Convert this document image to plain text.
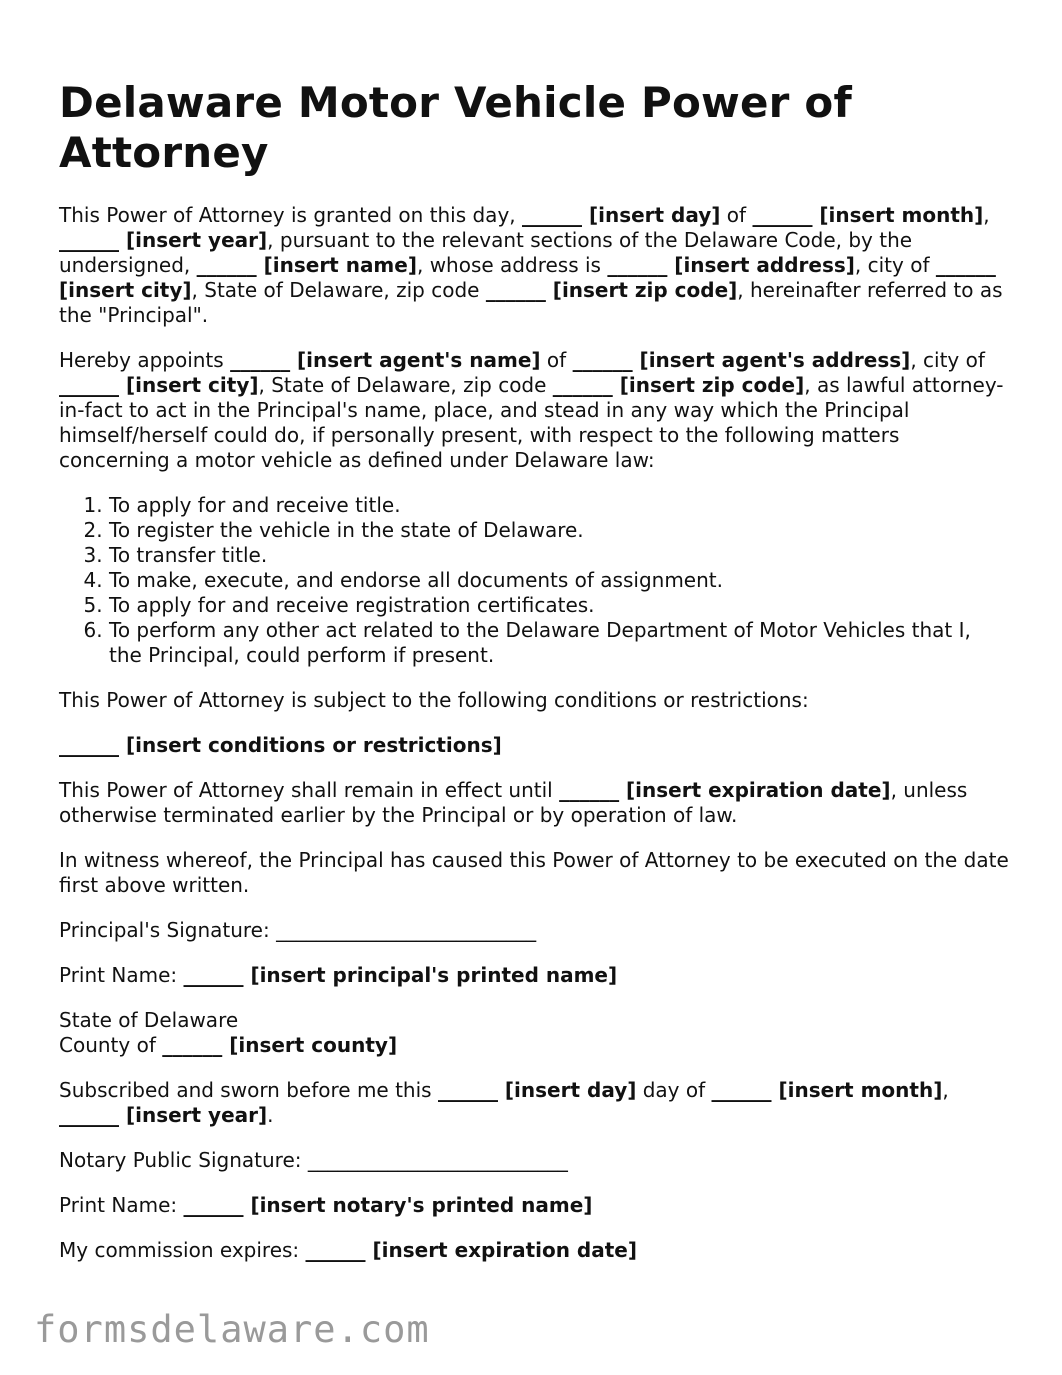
Delaware Motor Vehicle Power of Attorney

This Power of Attorney is granted on this day, ______ [insert day] of ______ [insert month], ______ [insert year], pursuant to the relevant sections of the Delaware Code, by the undersigned, ______ [insert name], whose address is ______ [insert address], city of ______ [insert city], State of Delaware, zip code ______ [insert zip code], hereinafter referred to as the "Principal".

Hereby appoints ______ [insert agent's name] of ______ [insert agent's address], city of ______ [insert city], State of Delaware, zip code ______ [insert zip code], as lawful attorney-in-fact to act in the Principal's name, place, and stead in any way which the Principal himself/herself could do, if personally present, with respect to the following matters concerning a motor vehicle as defined under Delaware law:

1. To apply for and receive title.
2. To register the vehicle in the state of Delaware.
3. To transfer title.
4. To make, execute, and endorse all documents of assignment.
5. To apply for and receive registration certificates.
6. To perform any other act related to the Delaware Department of Motor Vehicles that I, the Principal, could perform if present.

This Power of Attorney is subject to the following conditions or restrictions:

______ [insert conditions or restrictions]

This Power of Attorney shall remain in effect until ______ [insert expiration date], unless otherwise terminated earlier by the Principal or by operation of law.

In witness whereof, the Principal has caused this Power of Attorney to be executed on the date first above written.

Principal's Signature: __________________________

Print Name: ______ [insert principal's printed name]

State of Delaware
County of ______ [insert county]

Subscribed and sworn before me this ______ [insert day] day of ______ [insert month], ______ [insert year].

Notary Public Signature: __________________________

Print Name: ______ [insert notary's printed name]

My commission expires: ______ [insert expiration date]

formsdelaware.com
